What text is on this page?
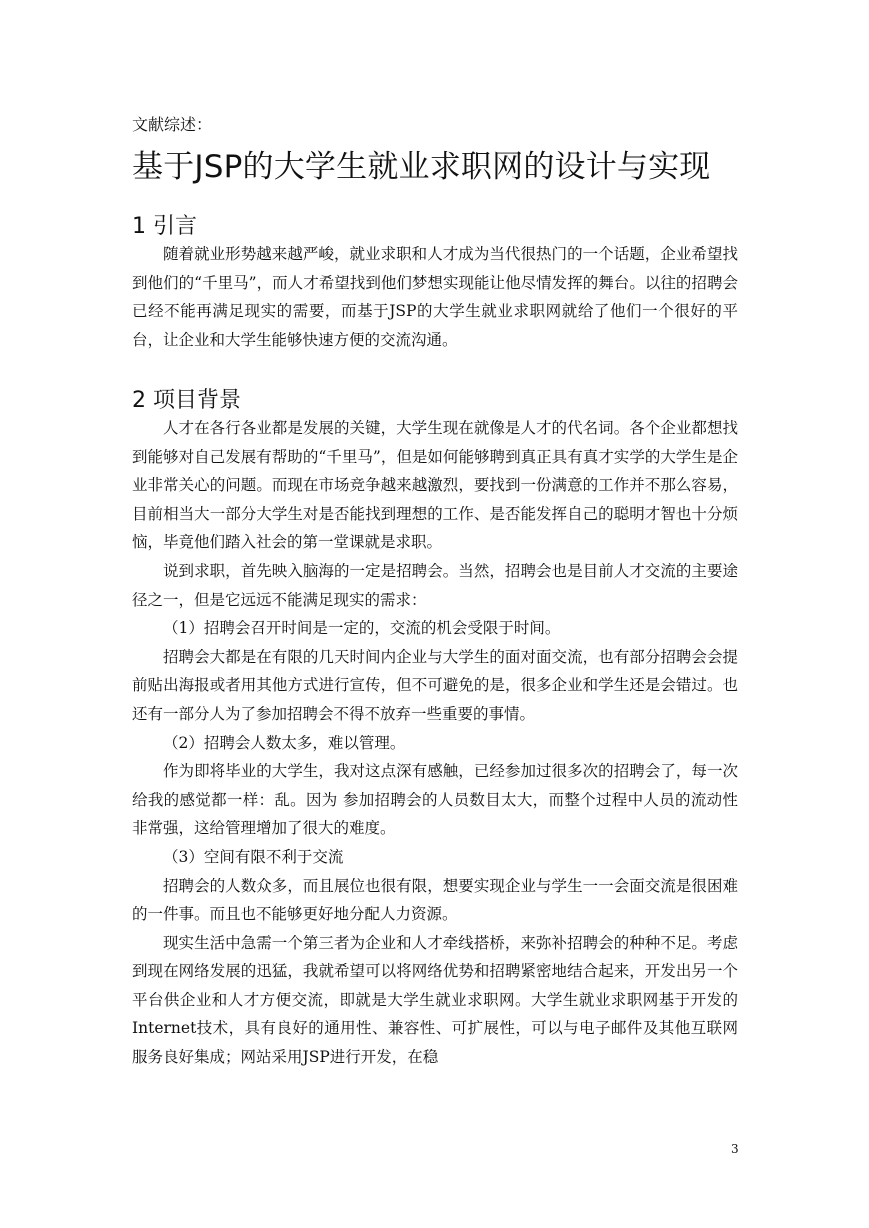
文献综述：
基于JSP的大学生就业求职网的设计与实现
1 引言
随着就业形势越来越严峻，就业求职和人才成为当代很热门的一个话题，企业希望找到他们的“千里马”，而人才希望找到他们梦想实现能让他尽情发挥的舞台。以往的招聘会已经不能再满足现实的需要，而基于JSP的大学生就业求职网就给了他们一个很好的平台，让企业和大学生能够快速方便的交流沟通。
2 项目背景
人才在各行各业都是发展的关键，大学生现在就像是人才的代名词。各个企业都想找到能够对自己发展有帮助的“千里马”，但是如何能够聘到真正具有真才实学的大学生是企业非常关心的问题。而现在市场竞争越来越激烈，要找到一份满意的工作并不那么容易，目前相当大一部分大学生对是否能找到理想的工作、是否能发挥自己的聪明才智也十分烦恼，毕竟他们踏入社会的第一堂课就是求职。
说到求职，首先映入脑海的一定是招聘会。当然，招聘会也是目前人才交流的主要途径之一，但是它远远不能满足现实的需求：
（1）招聘会召开时间是一定的，交流的机会受限于时间。
招聘会大都是在有限的几天时间内企业与大学生的面对面交流，也有部分招聘会会提前贴出海报或者用其他方式进行宣传，但不可避免的是，很多企业和学生还是会错过。也还有一部分人为了参加招聘会不得不放弃一些重要的事情。
（2）招聘会人数太多，难以管理。
作为即将毕业的大学生，我对这点深有感触，已经参加过很多次的招聘会了，每一次给我的感觉都一样：乱。因为 参加招聘会的人员数目太大，而整个过程中人员的流动性非常强，这给管理增加了很大的难度。
（3）空间有限不利于交流
招聘会的人数众多，而且展位也很有限，想要实现企业与学生一一会面交流是很困难的一件事。而且也不能够更好地分配人力资源。
现实生活中急需一个第三者为企业和人才牵线搭桥，来弥补招聘会的种种不足。考虑到现在网络发展的迅猛，我就希望可以将网络优势和招聘紧密地结合起来，开发出另一个平台供企业和人才方便交流，即就是大学生就业求职网。大学生就业求职网基于开发的Internet技术，具有良好的通用性、兼容性、可扩展性，可以与电子邮件及其他互联网服务良好集成；网站采用JSP进行开发，在稳
3
